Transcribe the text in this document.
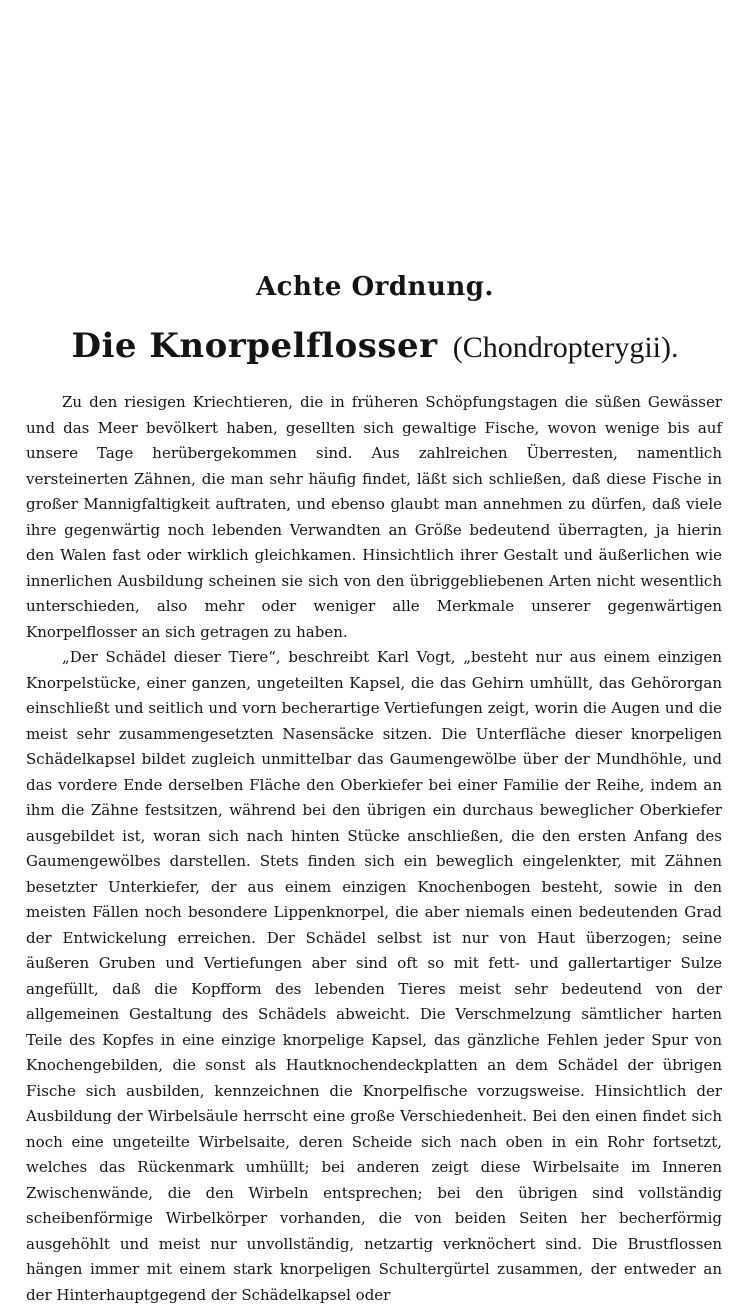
Achte Ordnung.
Die Knorpelflosser (Chondropterygii).

Zu den riesigen Kriechtieren, die in früheren Schöpfungstagen die süßen Gewässer und das Meer bevölkert haben, gesellten sich gewaltige Fische, wovon wenige bis auf unsere Tage herübergekommen sind. Aus zahlreichen Überresten, namentlich versteinerten Zähnen, die man sehr häufig findet, läßt sich schließen, daß diese Fische in großer Mannigfaltigkeit auftraten, und ebenso glaubt man annehmen zu dürfen, daß viele ihre gegenwärtig noch lebenden Verwandten an Größe bedeutend überragten, ja hierin den Walen fast oder wirklich gleichkamen. Hinsichtlich ihrer Gestalt und äußerlichen wie innerlichen Ausbildung scheinen sie sich von den übriggebliebenen Arten nicht wesentlich unterschieden, also mehr oder weniger alle Merkmale unserer gegenwärtigen Knorpelflosser an sich getragen zu haben.

„Der Schädel dieser Tiere“, beschreibt Karl Vogt, „besteht nur aus einem einzigen Knorpelstücke, einer ganzen, ungeteilten Kapsel, die das Gehirn umhüllt, das Gehörorgan einschließt und seitlich und vorn becherartige Vertiefungen zeigt, worin die Augen und die meist sehr zusammengesetzten Nasensäcke sitzen. Die Unterfläche dieser knorpeligen Schädelkapsel bildet zugleich unmittelbar das Gaumengewölbe über der Mundhöhle, und das vordere Ende derselben Fläche den Oberkiefer bei einer Familie der Reihe, indem an ihm die Zähne festsitzen, während bei den übrigen ein durchaus beweglicher Oberkiefer ausgebildet ist, woran sich nach hinten Stücke anschließen, die den ersten Anfang des Gaumengewölbes darstellen. Stets finden sich ein beweglich eingelenkter, mit Zähnen besetzter Unterkiefer, der aus einem einzigen Knochenbogen besteht, sowie in den meisten Fällen noch besondere Lippenknorpel, die aber niemals einen bedeutenden Grad der Entwickelung erreichen. Der Schädel selbst ist nur von Haut überzogen; seine äußeren Gruben und Vertiefungen aber sind oft so mit fett- und gallertartiger Sulze angefüllt, daß die Kopfform des lebenden Tieres meist sehr bedeutend von der allgemeinen Gestaltung des Schädels abweicht. Die Verschmelzung sämtlicher harten Teile des Kopfes in eine einzige knorpelige Kapsel, das gänzliche Fehlen jeder Spur von Knochengebilden, die sonst als Hautknochendeckplatten an dem Schädel der übrigen Fische sich ausbilden, kennzeichnen die Knorpelfische vorzugsweise. Hinsichtlich der Ausbildung der Wirbelsäule herrscht eine große Verschiedenheit. Bei den einen findet sich noch eine ungeteilte Wirbelsaite, deren Scheide sich nach oben in ein Rohr fortsetzt, welches das Rückenmark umhüllt; bei anderen zeigt diese Wirbelsaite im Inneren Zwischenwände, die den Wirbeln entsprechen; bei den übrigen sind vollständig scheibenförmige Wirbelkörper vorhanden, die von beiden Seiten her becherförmig ausgehöhlt und meist nur unvollständig, netzartig verknöchert sind. Die Brustflossen hängen immer mit einem stark knorpeligen Schultergürtel zusammen, der entweder an der Hinterhauptgegend der Schädelkapsel oder
